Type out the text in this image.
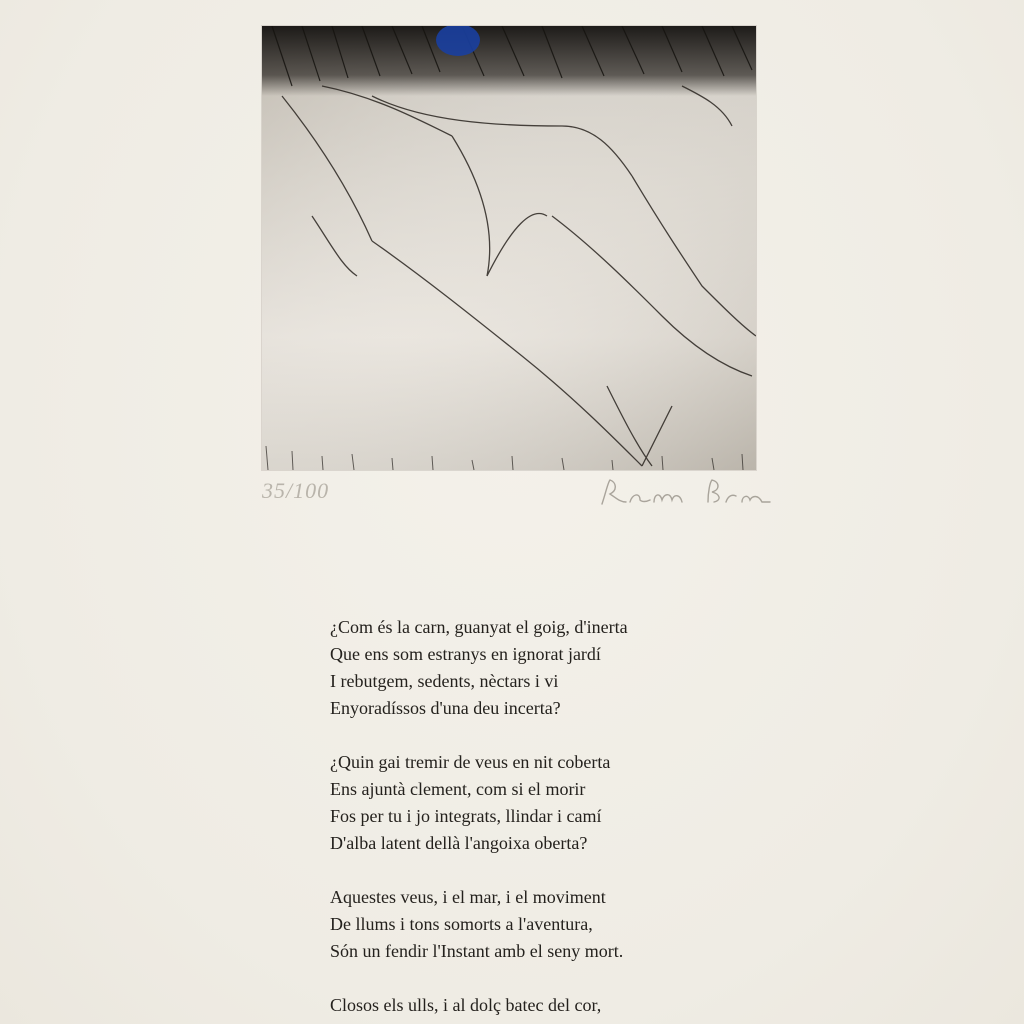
35/100
¿Com és la carn, guanyat el goig, d'inerta
Que ens som estranys en ignorat jardí
I rebutgem, sedents, nèctars i vi
Enyoradíssos d'una deu incerta?
¿Quin gai tremir de veus en nit coberta
Ens ajuntà clement, com si el morir
Fos per tu i jo integrats, llindar i camí
D'alba latent dellà l'angoixa oberta?
Aquestes veus, i el mar, i el moviment
De llums i tons somorts a l'aventura,
Són un fendir l'Instant amb el seny mort.
Closos els ulls, i al dolç batec del cor,
